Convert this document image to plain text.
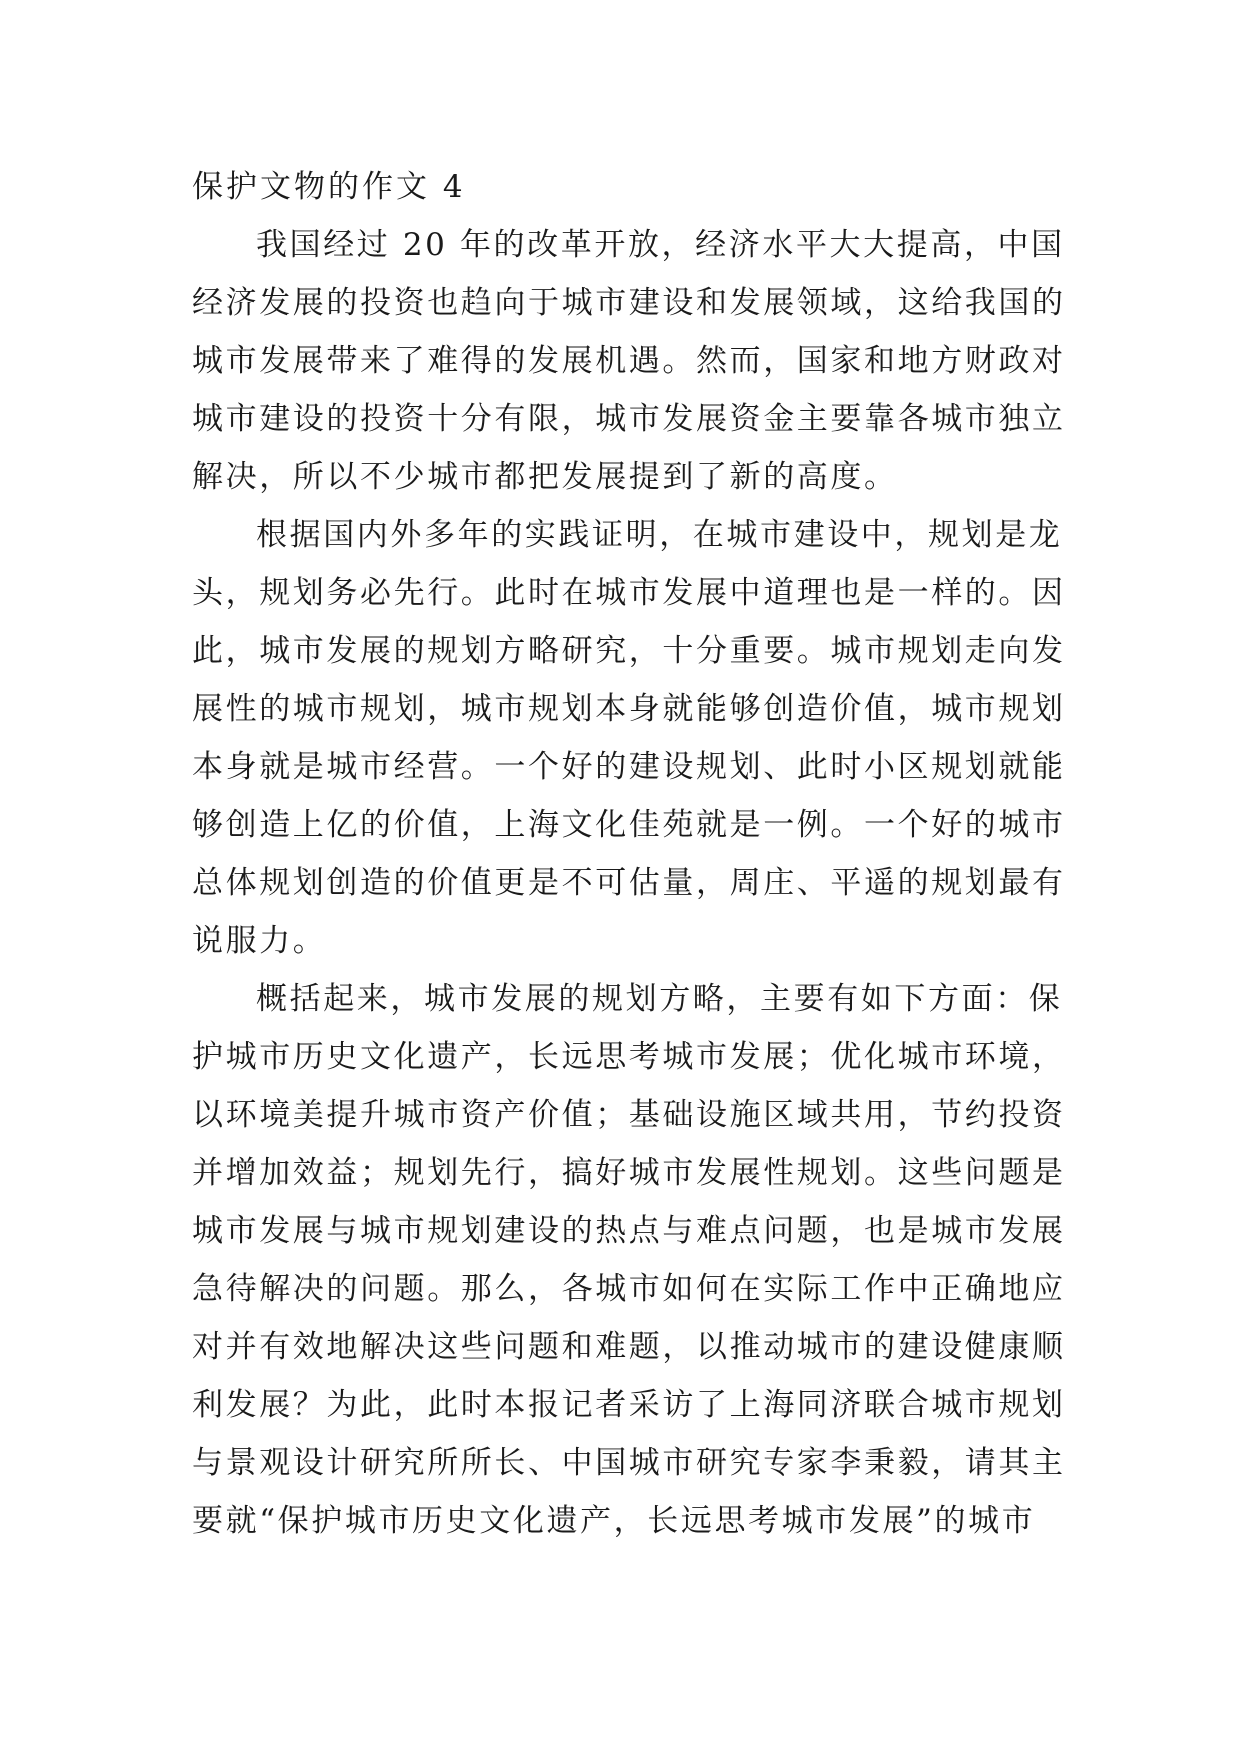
保护文物的作文 4

我国经过 20 年的改革开放，经济水平大大提高，中国
经济发展的投资也趋向于城市建设和发展领域，这给我国的
城市发展带来了难得的发展机遇。然而，国家和地方财政对
城市建设的投资十分有限，城市发展资金主要靠各城市独立
解决，所以不少城市都把发展提到了新的高度。

根据国内外多年的实践证明，在城市建设中，规划是龙
头，规划务必先行。此时在城市发展中道理也是一样的。因
此，城市发展的规划方略研究，十分重要。城市规划走向发
展性的城市规划，城市规划本身就能够创造价值，城市规划
本身就是城市经营。一个好的建设规划、此时小区规划就能
够创造上亿的价值，上海文化佳苑就是一例。一个好的城市
总体规划创造的价值更是不可估量，周庄、平遥的规划最有
说服力。

概括起来，城市发展的规划方略，主要有如下方面：保
护城市历史文化遗产，长远思考城市发展；优化城市环境，
以环境美提升城市资产价值；基础设施区域共用，节约投资
并增加效益；规划先行，搞好城市发展性规划。这些问题是
城市发展与城市规划建设的热点与难点问题，也是城市发展
急待解决的问题。那么，各城市如何在实际工作中正确地应
对并有效地解决这些问题和难题，以推动城市的建设健康顺
利发展？为此，此时本报记者采访了上海同济联合城市规划
与景观设计研究所所长、中国城市研究专家李秉毅，请其主
要就“保护城市历史文化遗产，长远思考城市发展”的城市
